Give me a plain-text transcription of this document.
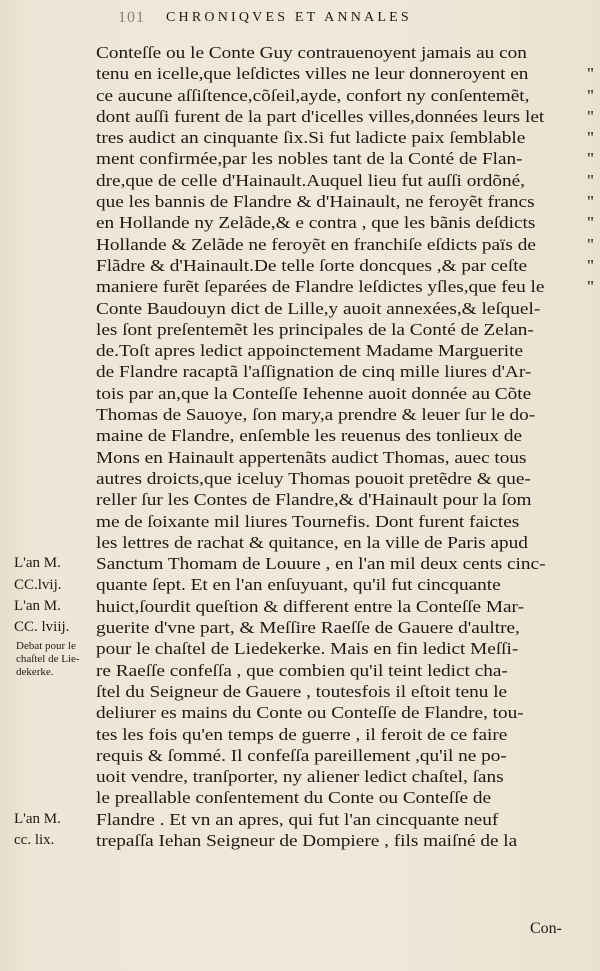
101	CHRONIQVES ET ANNALES
L'an M.
CC.lvij.
L'an M.
CC. lviij.
Debat pour le
chaſtel de Lie-
dekerke.
L'an M.
cc. lix.
Conteſſe ou le Conte Guy contrauenoyent jamais au con
tenu en icelle,que leſdictes villes ne leur donneroyent en	"
ce aucune aſſiſtence,cõſeil,ayde, confort ny conſentemẽt,	"
dont auſſi furent de la part d'icelles villes,données leurs let	"
tres audict an cinquante ſix.Si fut ladicte paix ſemblable	"
ment confirmée,par les nobles tant de la Conté de Flan-	"
dre,que de celle d'Hainault.Auquel lieu fut auſſi ordõné,	"
que les bannis de Flandre & d'Hainault, ne feroyẽt francs	"
en Hollande ny Zelãde,& e contra , que les bãnis deſdicts	"
Hollande & Zelãde ne feroyẽt en franchiſe eſdicts païs de	"
Flãdre & d'Hainault.De telle ſorte doncques ,& par ceſte	"
maniere furẽt ſeparées de Flandre leſdictes yſles,que feu le	"
Conte Baudouyn dict de Lille,y auoit annexées,& leſquel-
les ſont preſentemẽt les principales de la Conté de Zelan-
de.Toſt apres ledict appoinctement Madame Marguerite
de Flandre racaptã l'aſſignation de cinq mille liures d'Ar-
tois par an,que la Conteſſe Iehenne auoit donnée au Cõte
Thomas de Sauoye, ſon mary,a prendre & leuer ſur le do-
maine de Flandre, enſemble les reuenus des tonlieux de
Mons en Hainault appertenãts audict Thomas, auec tous
autres droicts,que iceluy Thomas pouoit pretẽdre & que-
reller ſur les Contes de Flandre,& d'Hainault pour la ſom
me de ſoixante mil liures Tournefis. Dont furent faictes
les lettres de rachat & quitance, en la ville de Paris apud
Sanctum Thomam de Louure , en l'an mil deux cents cinc-
quante ſept. Et en l'an enſuyuant, qu'il fut cincquante
huict,ſourdit queſtion & different entre la Conteſſe Mar-
guerite d'vne part, & Meſſire Raeſſe de Gauere d'aultre,
pour le chaſtel de Liedekerke. Mais en fin ledict Meſſi-
re Raeſſe confeſſa , que combien qu'il teint ledict cha-
ſtel du Seigneur de Gauere , toutesfois il eſtoit tenu le
deliurer es mains du Conte ou Conteſſe de Flandre, tou-
tes les fois qu'en temps de guerre , il feroit de ce faire
requis & ſommé. Il confeſſa pareillement ,qu'il ne po-
uoit vendre, tranſporter, ny aliener ledict chaſtel, ſans
le preallable conſentement du Conte ou Conteſſe de
Flandre . Et vn an apres, qui fut l'an cincquante neuf
trepaſſa Iehan Seigneur de Dompiere , fils maiſné de la
Con-
